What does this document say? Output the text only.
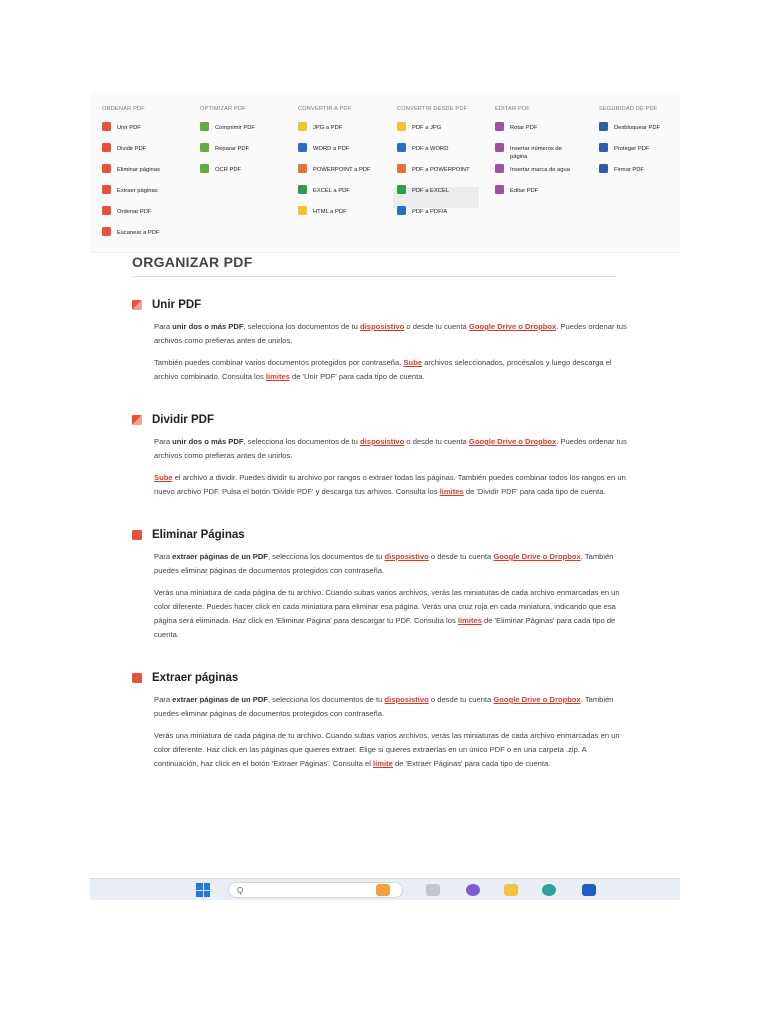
ORDENAR PDF
Unir PDF
Dividir PDF
Eliminar páginas
Extraer páginas
Ordenar PDF
Escanear a PDF
OPTIMIZAR PDF
Comprimir PDF
Reparar PDF
OCR PDF
CONVERTIR A PDF
JPG a PDF
WORD a PDF
POWERPOINT a PDF
EXCEL a PDF
HTML a PDF
CONVERTIR DESDE PDF
PDF a JPG
PDF a WORD
PDF a POWERPOINT
PDF a EXCEL
PDF a PDF/A
EDITAR PDF
Rotar PDF
Insertar números de página
Insertar marca de agua
Editar PDF
SEGURIDAD DE PDF
Desbloquear PDF
Proteger PDF
Firmar PDF
ORGANIZAR PDF
Unir PDF
Para unir dos o más PDF, selecciona los documentos de tu disposistivo o desde tu cuenta Google Drive o Dropbox. Puedes ordenar tus archivos como prefieras antes de unirlos.
También puedes combinar varios documentos protegidos por contraseña. Sube archivos seleccionados, procésalos y luego descarga el archivo combinado. Consulta los limites de 'Unir PDF' para cada tipo de cuenta.
Dividir PDF
Para unir dos o más PDF, selecciona los documentos de tu disposistivo o desde tu cuenta Google Drive o Dropbox. Puedes ordenar tus archivos como prefieras antes de unirlos.
Sube el archivo a dividir. Puedes dividir tu archivo por rangos o extraer todas las páginas. También puedes combinar todos los rangos en un nuevo archivo PDF. Pulsa el botón 'Dividir PDF' y descarga tus arhivos. Consulta los limites de 'Dividir PDF' para cada tipo de cuenta.
Eliminar Páginas
Para extraer páginas de un PDF, selecciona los documentos de tu disposistivo o desde tu cuenta Google Drive o Dropbox. También puedes eliminar páginas de documentos protegidos con contraseña.
Verás una miniatura de cada página de tu archivo. Cuando subas varios archivos, verás las miniaturas de cada archivo enmarcadas en un color diferente. Puedes hacer click en cada miniatura para eliminar esa página. Verás una cruz roja en cada miniatura, indicando que esa página será eliminada. Haz click en 'Eliminar Página' para descargar tu PDF. Consulta los limites de 'Eliminar Páginas' para cada tipo de cuenta.
Extraer páginas
Para extraer páginas de un PDF, selecciona los documentos de tu disposistivo o desde tu cuenta Google Drive o Dropbox. También puedes eliminar páginas de documentos protegidos con contraseña.
Verás una miniatura de cada página de tu archivo. Cuando subas varios archivos, verás las miniaturas de cada archivo enmarcadas en un color diferente. Haz click en las páginas que quieres extraer. Elige si quieres extraerlas en un único PDF o en una carpeta .zip. A continuación, haz click en el botón 'Extraer Páginas'. Consulta el límite de 'Extraer Páginas' para cada tipo de cuenta.
Q
